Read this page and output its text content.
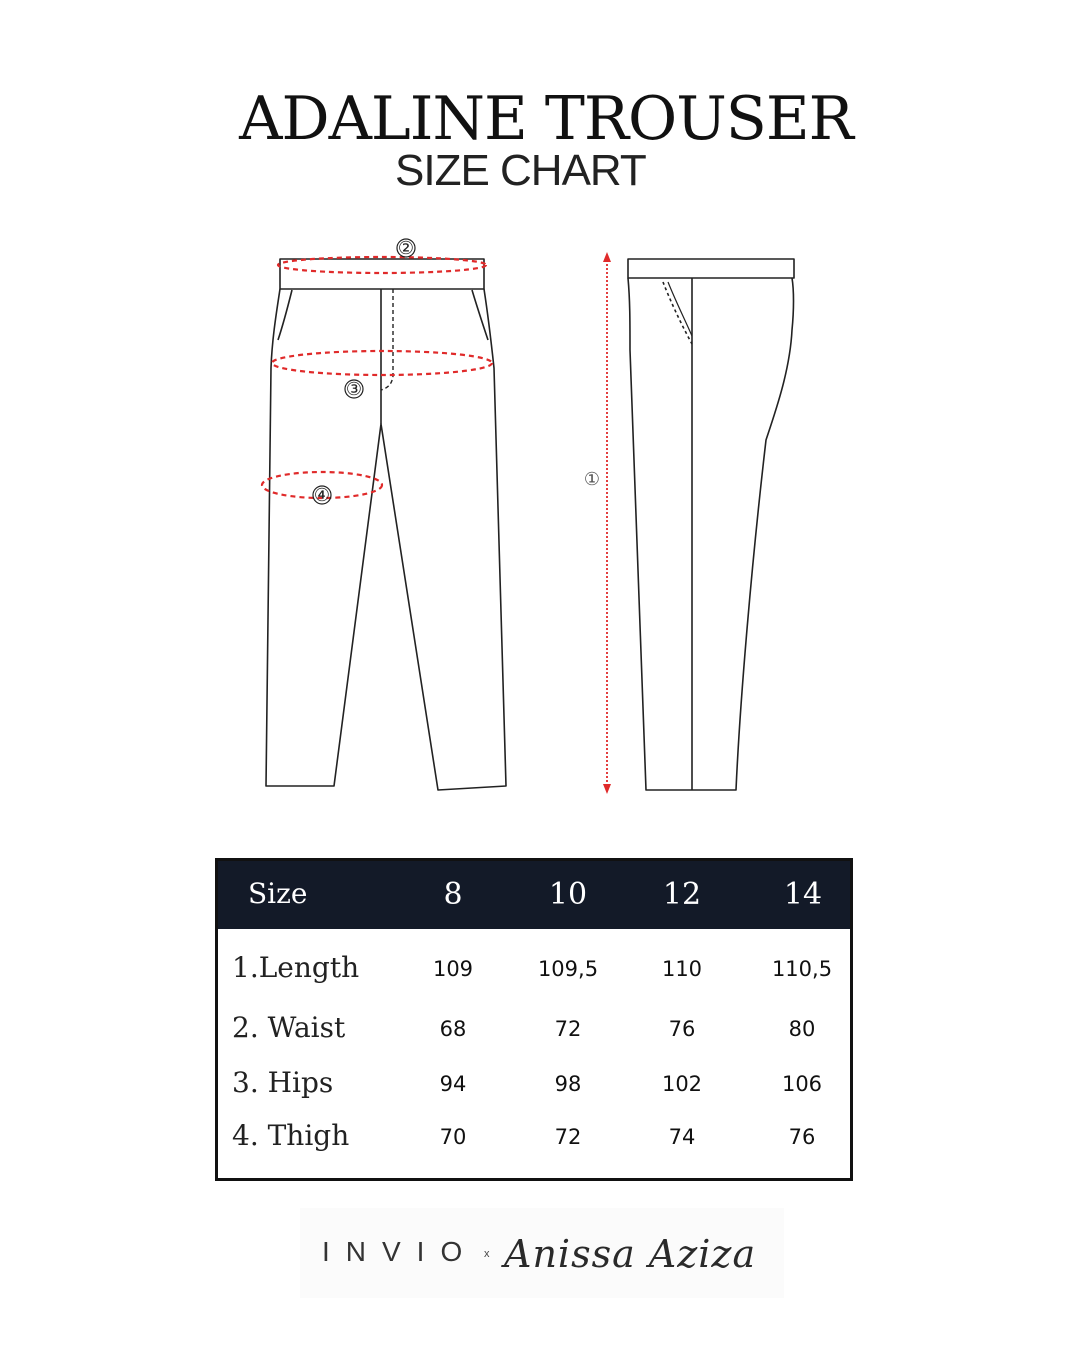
ADALINE TROUSER
SIZE CHART
②
③
④
①
Size	8	10	12	14
1.Length	109	109,5	110	110,5
2. Waist	68	72	76	80
3. Hips	94	98	102	106
4. Thigh	70	72	74	76
INVIO x Anissa Aziza
